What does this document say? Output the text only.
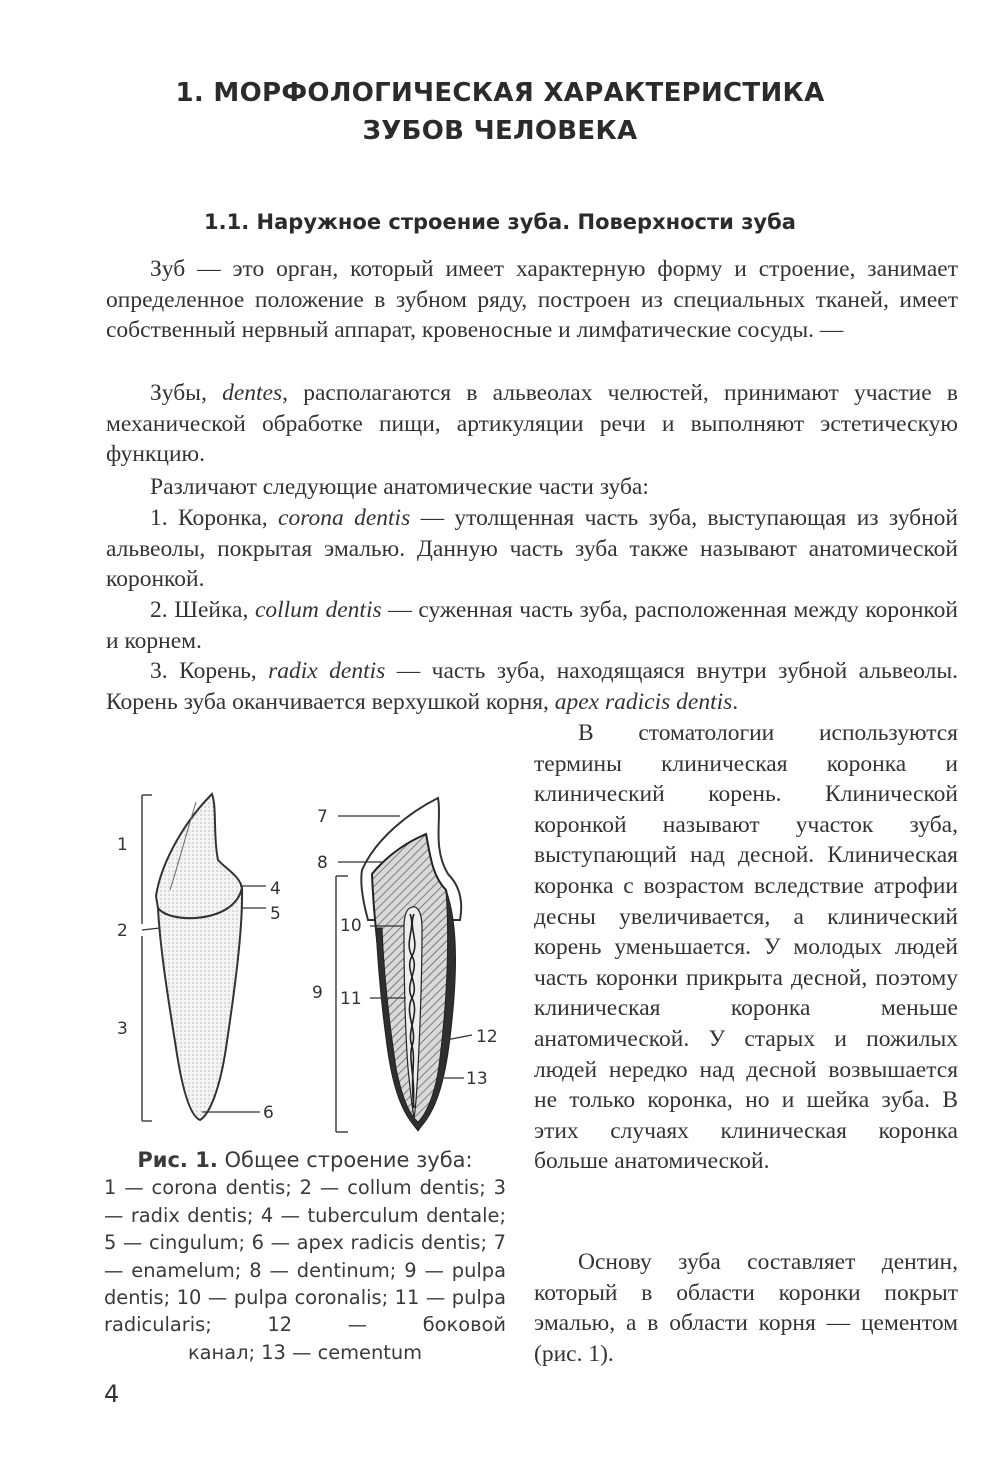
1. МОРФОЛОГИЧЕСКАЯ ХАРАКТЕРИСТИКА
ЗУБОВ ЧЕЛОВЕКА
1.1. Наружное строение зуба. Поверхности зуба

Зуб — это орган, который имеет характерную форму и строение, занимает определенное положение в зубном ряду, построен из специальных тканей, имеет собственный нервный аппарат, кровеносные и лимфатические сосуды. —

Зубы, dentes, располагаются в альвеолах челюстей, принимают участие в механической обработке пищи, артикуляции речи и выполняют эстетическую функцию.

Различают следующие анатомические части зуба:

1. Коронка, corona dentis — утолщенная часть зуба, выступающая из зубной альвеолы, покрытая эмалью. Данную часть зуба также называют анатомической коронкой.

2. Шейка, collum dentis — суженная часть зуба, расположенная между коронкой и корнем.

3. Корень, radix dentis — часть зуба, находящаяся внутри зубной альвеолы. Корень зуба оканчивается верхушкой корня, apex radicis dentis.

В стоматологии используются термины клиническая коронка и клинический корень. Клинической коронкой называют участок зуба, выступающий над десной. Клиническая коронка с возрастом вследствие атрофии десны увеличивается, а клинический корень уменьшается. У молодых людей часть коронки прикрыта десной, поэтому клиническая коронка меньше анатомической. У старых и пожилых людей нередко над десной возвышается не только коронка, но и шейка зуба. В этих случаях клиническая коронка больше анатомической.

Основу зуба составляет дентин, который в области коронки покрыт эмалью, а в области корня — цементом (рис. 1).

1
2
3
4
5
6
7
8
9
10
11
12
13

Рис. 1. Общее строение зуба:
1 — corona dentis; 2 — collum dentis; 3 — radix dentis; 4 — tuberculum dentale; 5 — cingulum; 6 — apex radicis dentis; 7 — enamelum; 8 — dentinum; 9 — pulpa dentis; 10 — pulpa coronalis; 11 — pulpa radicularis; 12 — боковой
канал; 13 — cementum

4
